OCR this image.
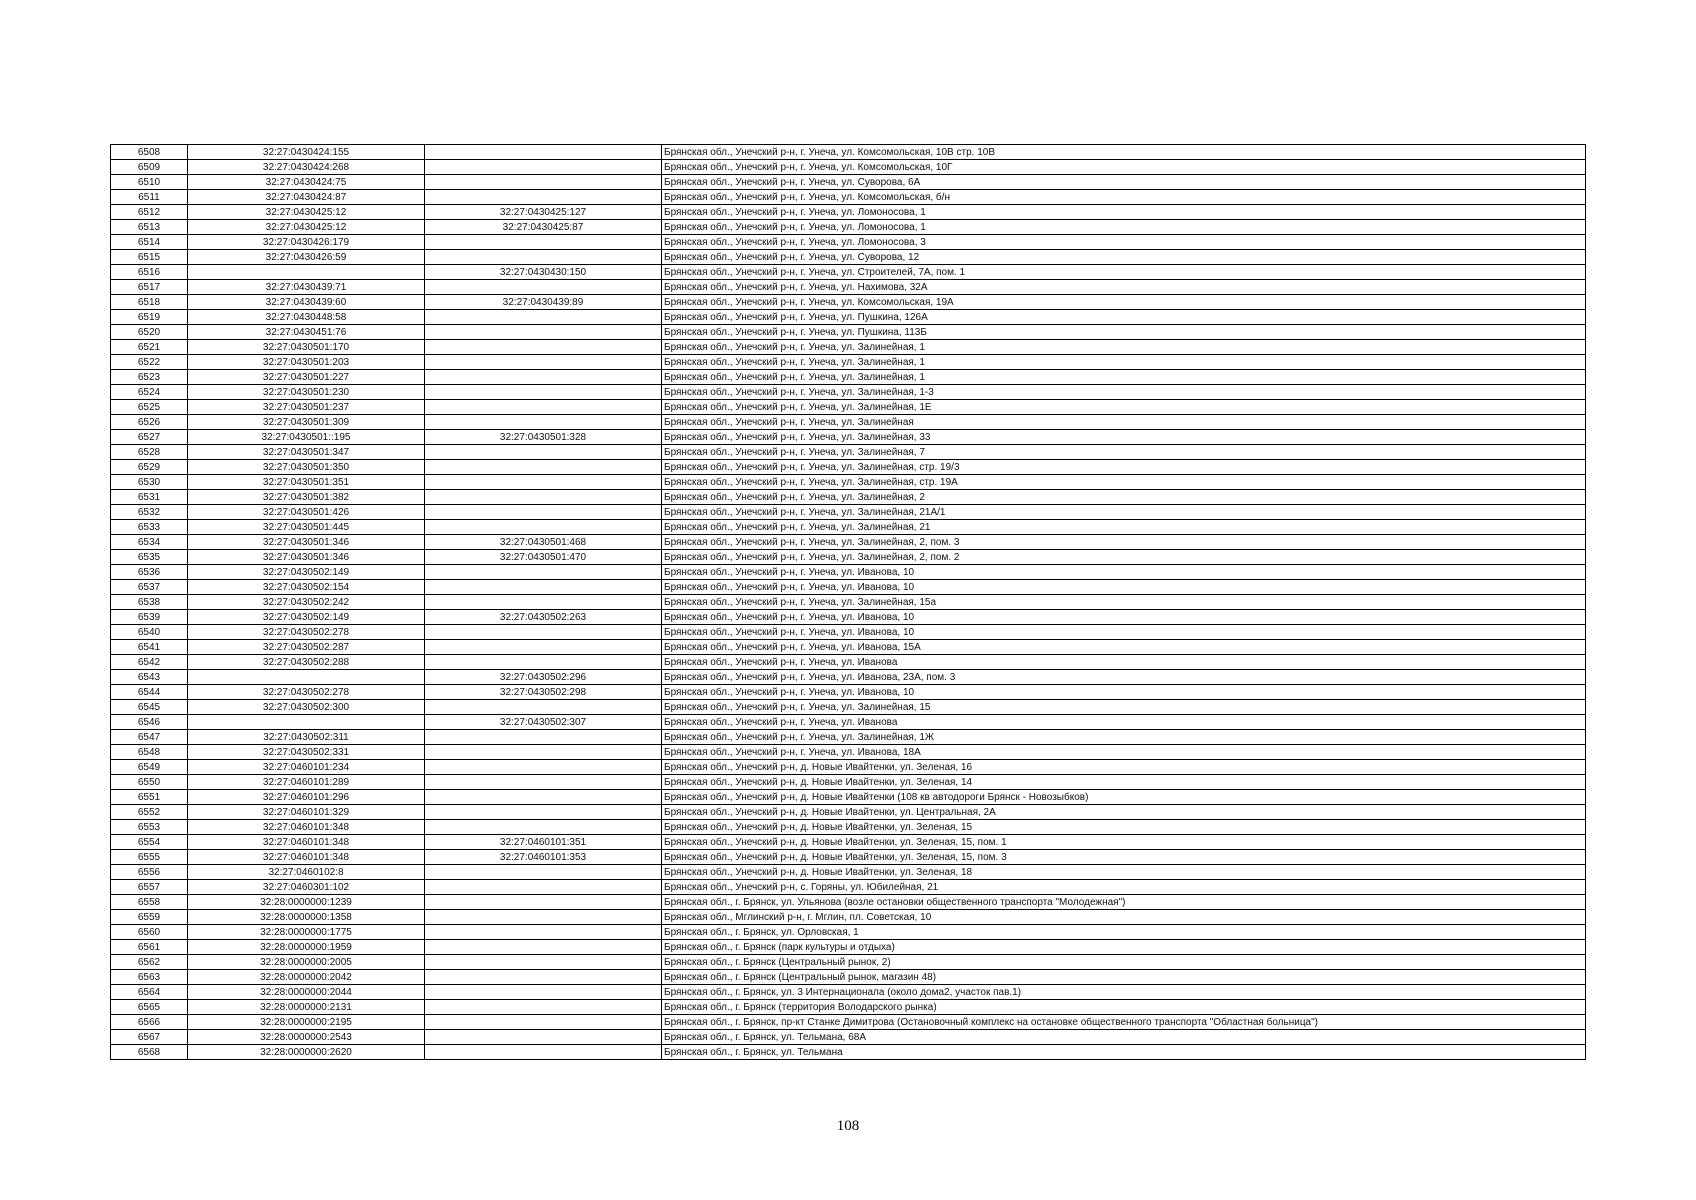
6508	32:27:0430424:155		Брянская обл., Унечский р-н, г. Унеча, ул. Комсомольская, 10В стр. 10В
6509	32:27:0430424:268		Брянская обл., Унечский р-н, г. Унеча, ул. Комсомольская, 10Г
6510	32:27:0430424:75		Брянская обл., Унечский р-н, г. Унеча, ул. Суворова, 6А
6511	32:27:0430424:87		Брянская обл., Унечский р-н, г. Унеча, ул. Комсомольская, б/н
6512	32:27:0430425:12	32:27:0430425:127	Брянская обл., Унечский р-н, г. Унеча, ул. Ломоносова, 1
6513	32:27:0430425:12	32:27:0430425:87	Брянская обл., Унечский р-н, г. Унеча, ул. Ломоносова, 1
6514	32:27:0430426:179		Брянская обл., Унечский р-н, г. Унеча, ул. Ломоносова, 3
6515	32:27:0430426:59		Брянская обл., Унечский р-н, г. Унеча, ул. Суворова, 12
6516		32:27:0430430:150	Брянская обл., Унечский р-н, г. Унеча, ул. Строителей, 7А, пом. 1
6517	32:27:0430439:71		Брянская обл., Унечский р-н, г. Унеча, ул. Нахимова, 32А
6518	32:27:0430439:60	32:27:0430439:89	Брянская обл., Унечский р-н, г. Унеча, ул. Комсомольская, 19А
6519	32:27:0430448:58		Брянская обл., Унечский р-н, г. Унеча, ул. Пушкина, 126А
6520	32:27:0430451:76		Брянская обл., Унечский р-н, г. Унеча, ул. Пушкина, 113Б
6521	32:27:0430501:170		Брянская обл., Унечский р-н, г. Унеча, ул. Залинейная, 1
6522	32:27:0430501:203		Брянская обл., Унечский р-н, г. Унеча, ул. Залинейная, 1
6523	32:27:0430501:227		Брянская обл., Унечский р-н, г. Унеча, ул. Залинейная, 1
6524	32:27:0430501:230		Брянская обл., Унечский р-н, г. Унеча, ул. Залинейная, 1-3
6525	32:27:0430501:237		Брянская обл., Унечский р-н, г. Унеча, ул. Залинейная, 1Е
6526	32:27:0430501:309		Брянская обл., Унечский р-н, г. Унеча, ул. Залинейная
6527	32:27:0430501::195	32:27:0430501:328	Брянская обл., Унечский р-н, г. Унеча, ул. Залинейная, 33
6528	32:27:0430501:347		Брянская обл., Унечский р-н, г. Унеча, ул. Залинейная, 7
6529	32:27:0430501:350		Брянская обл., Унечский р-н, г. Унеча, ул. Залинейная, стр. 19/3
6530	32:27:0430501:351		Брянская обл., Унечский р-н, г. Унеча, ул. Залинейная, стр. 19А
6531	32:27:0430501:382		Брянская обл., Унечский р-н, г. Унеча, ул. Залинейная, 2
6532	32:27:0430501:426		Брянская обл., Унечский р-н, г. Унеча, ул. Залинейная, 21А/1
6533	32:27:0430501:445		Брянская обл., Унечский р-н, г. Унеча, ул. Залинейная, 21
6534	32:27:0430501:346	32:27:0430501:468	Брянская обл., Унечский р-н, г. Унеча, ул. Залинейная, 2, пом. 3
6535	32:27:0430501:346	32:27:0430501:470	Брянская обл., Унечский р-н, г. Унеча, ул. Залинейная, 2, пом. 2
6536	32:27:0430502:149		Брянская обл., Унечский р-н, г. Унеча, ул. Иванова, 10
6537	32:27:0430502:154		Брянская обл., Унечский р-н, г. Унеча, ул. Иванова, 10
6538	32:27:0430502:242		Брянская обл., Унечский р-н, г. Унеча, ул. Залинейная, 15а
6539	32:27:0430502:149	32:27:0430502:263	Брянская обл., Унечский р-н, г. Унеча, ул. Иванова, 10
6540	32:27:0430502:278		Брянская обл., Унечский р-н, г. Унеча, ул. Иванова, 10
6541	32:27:0430502:287		Брянская обл., Унечский р-н, г. Унеча, ул. Иванова, 15А
6542	32:27:0430502:288		Брянская обл., Унечский р-н, г. Унеча, ул. Иванова
6543		32:27:0430502:296	Брянская обл., Унечский р-н, г. Унеча, ул. Иванова, 23А, пом. 3
6544	32:27:0430502:278	32:27:0430502:298	Брянская обл., Унечский р-н, г. Унеча, ул. Иванова, 10
6545	32:27:0430502:300		Брянская обл., Унечский р-н, г. Унеча, ул. Залинейная, 15
6546		32:27:0430502:307	Брянская обл., Унечский р-н, г. Унеча, ул. Иванова
6547	32:27:0430502:311		Брянская обл., Унечский р-н, г. Унеча, ул. Залинейная, 1Ж
6548	32:27:0430502:331		Брянская обл., Унечский р-н, г. Унеча, ул. Иванова, 18А
6549	32:27:0460101:234		Брянская обл., Унечский р-н, д. Новые Ивайтенки, ул. Зеленая, 16
6550	32:27:0460101:289		Брянская обл., Унечский р-н, д. Новые Ивайтенки, ул. Зеленая, 14
6551	32:27:0460101:296		Брянская обл., Унечский р-н, д. Новые Ивайтенки (108 кв автодороги Брянск - Новозыбков)
6552	32:27:0460101:329		Брянская обл., Унечский р-н, д. Новые Ивайтенки, ул. Центральная, 2А
6553	32:27:0460101:348		Брянская обл., Унечский р-н, д. Новые Ивайтенки, ул. Зеленая, 15
6554	32:27:0460101:348	32:27:0460101:351	Брянская обл., Унечский р-н, д. Новые Ивайтенки, ул. Зеленая, 15, пом. 1
6555	32:27:0460101:348	32:27:0460101:353	Брянская обл., Унечский р-н, д. Новые Ивайтенки, ул. Зеленая, 15, пом. 3
6556	32:27:0460102:8		Брянская обл., Унечский р-н, д. Новые Ивайтенки, ул. Зеленая, 18
6557	32:27:0460301:102		Брянская обл., Унечский р-н, с. Горяны, ул. Юбилейная, 21
6558	32:28:0000000:1239		Брянская обл., г. Брянск, ул. Ульянова (возле остановки общественного транспорта "Молодежная")
6559	32:28:0000000:1358		Брянская обл., Мглинский р-н, г. Мглин, пл. Советская, 10
6560	32:28:0000000:1775		Брянская обл., г. Брянск, ул. Орловская, 1
6561	32:28:0000000:1959		Брянская обл., г. Брянск (парк культуры и отдыха)
6562	32:28:0000000:2005		Брянская обл., г. Брянск (Центральный рынок, 2)
6563	32:28:0000000:2042		Брянская обл., г. Брянск (Центральный рынок, магазин 48)
6564	32:28:0000000:2044		Брянская обл., г. Брянск, ул. 3 Интернационала (около дома2, участок пав.1)
6565	32:28:0000000:2131		Брянская обл., г. Брянск (территория Володарского рынка)
6566	32:28:0000000:2195		Брянская обл., г. Брянск, пр-кт Станке Димитрова (Остановочный комплекс на остановке общественного транспорта "Областная больница")
6567	32:28:0000000:2543		Брянская обл., г. Брянск, ул. Тельмана, 68А
6568	32:28:0000000:2620		Брянская обл., г. Брянск, ул. Тельмана
108
